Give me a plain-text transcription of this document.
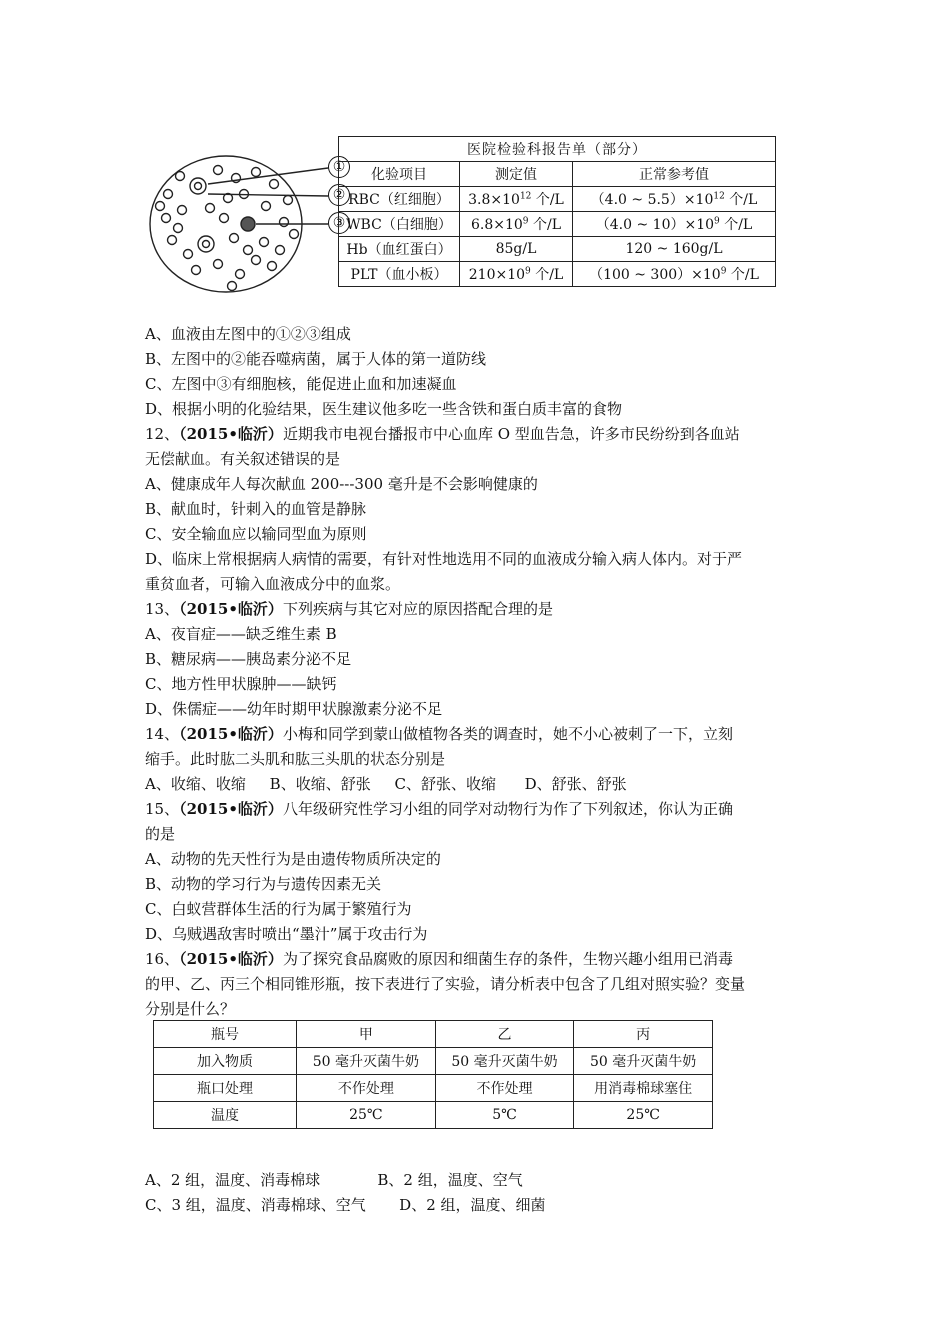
①
②
③
医院检验科报告单（部分）		
化验项目	测定值	正常参考值
RBC（红细胞）	$3.8\times 10^{12}$ 个/L	（4.0 ~ $5.5)\times 10^{12}$ 个/L
WBC（白细胞）	$6.8\times 10^9$ 个/L	（4.0 ~ $10)\times 10^9$ 个/L
Hb（血红蛋白）	85g/L	120 ~ 160g/L
PLT（血小板）	$210\times 10^9$ 个/L	（100 ~ $300)\times 10^9$ 个/L

A、血液由左图中的①②③组成

B、左图中的②能吞噬病菌，属于人体的第一道防线

C、左图中③有细胞核，能促进止血和加速凝血

D、根据小明的化验结果，医生建议他多吃一些含铁和蛋白质丰富的食物

12、（2015•临沂）近期我市电视台播报市中心血库 O 型血告急，许多市民纷纷到各血站

无偿献血。有关叙述错误的是

A、健康成年人每次献血 200---300 毫升是不会影响健康的

B、献血时，针刺入的血管是静脉

C、安全输血应以输同型血为原则

D、临床上常根据病人病情的需要，有针对性地选用不同的血液成分输入病人体内。对于严

重贫血者，可输入血液成分中的血浆。

13、（2015•临沂）下列疾病与其它对应的原因搭配合理的是

A、夜盲症——缺乏维生素 B

B、糖尿病——胰岛素分泌不足

C、地方性甲状腺肿——缺钙

D、侏儒症——幼年时期甲状腺激素分泌不足

14、（2015•临沂）小梅和同学到蒙山做植物各类的调查时，她不小心被刺了一下，立刻

缩手。此时肱二头肌和肱三头肌的状态分别是

A、收缩、收缩     B、收缩、舒张     C、舒张、收缩      D、舒张、舒张

15、（2015•临沂）八年级研究性学习小组的同学对动物行为作了下列叙述，你认为正确

的是

A、动物的先天性行为是由遗传物质所决定的

B、动物的学习行为与遗传因素无关

C、白蚁营群体生活的行为属于繁殖行为

D、乌贼遇敌害时喷出“墨汁”属于攻击行为

16、（2015•临沂）为了探究食品腐败的原因和细菌生存的条件，生物兴趣小组用已消毒

的甲、乙、丙三个相同锥形瓶，按下表进行了实验，请分析表中包含了几组对照实验？变量

分别是什么？

瓶号	甲	乙	丙
加入物质	50 毫升灭菌牛奶	50 毫升灭菌牛奶	50 毫升灭菌牛奶
瓶口处理	不作处理	不作处理	用消毒棉球塞住
温度	25℃	5℃	25℃

A、2 组，温度、消毒棉球            B、2 组，温度、空气

C、3 组，温度、消毒棉球、空气       D、2 组，温度、细菌
